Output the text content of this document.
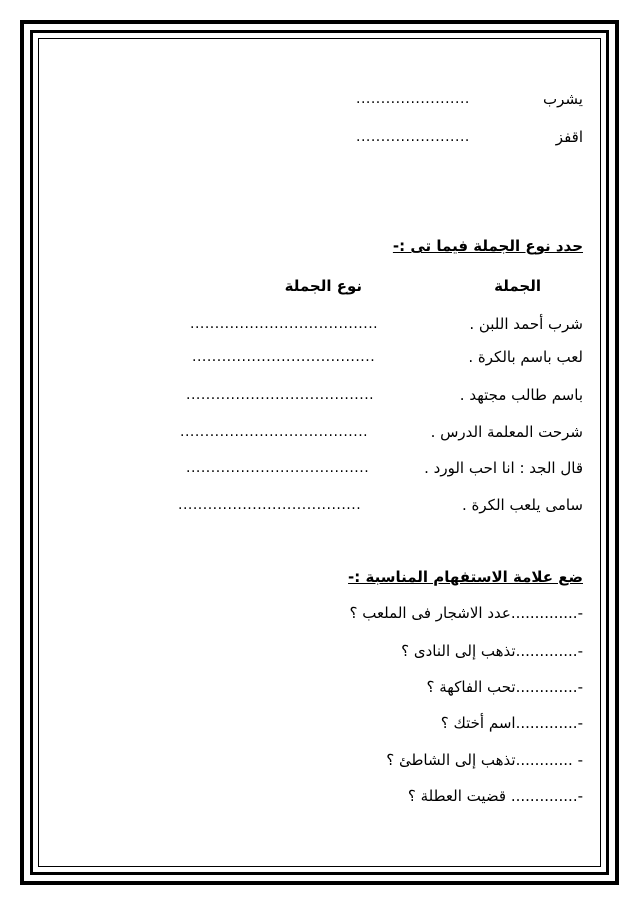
يشرب
.......................
اقفز
.......................
حدد نوع الجملة فيما تى :-
الجملة
نوع الجملة
شرب أحمد اللبن .
......................................
لعب باسم بالكرة .
.....................................
باسم طالب مجتهد .
......................................
شرحت المعلمة الدرس .
......................................
قال الجد : انا احب الورد .
.....................................
سامى يلعب الكرة .
.....................................
ضع علامة الاستفهام المناسبة :-
-..............عدد الاشجار فى الملعب ؟
-.............تذهب إلى النادى ؟
-.............تحب الفاكهة ؟
-.............اسم أختك ؟
- ............تذهب إلى الشاطئ ؟
-.............. قضيت العطلة ؟
